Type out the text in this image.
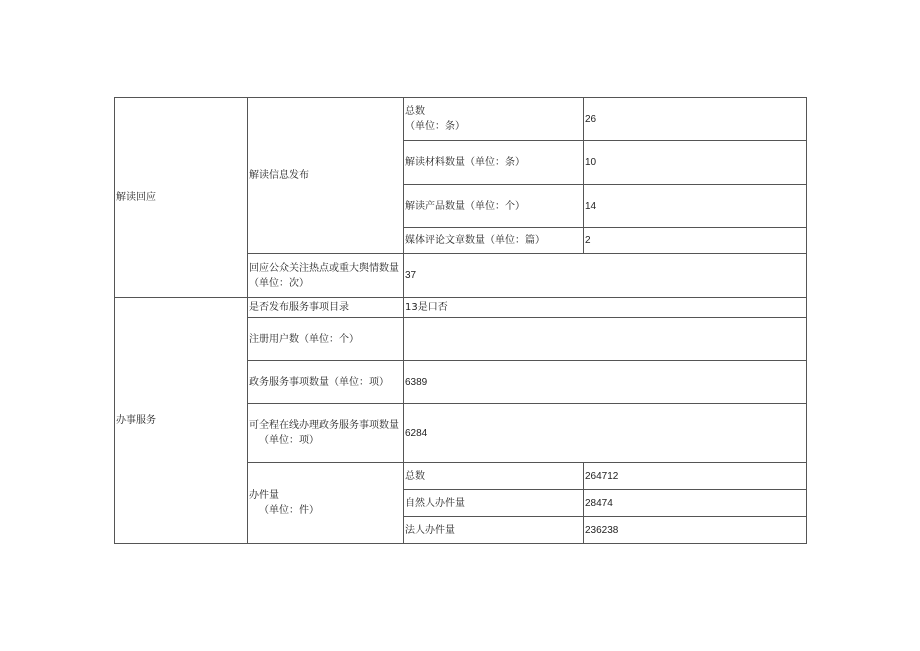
解读回应	解读信息发布	总数
（单位：条）	26
		解读材料数量（单位：条）	10
		解读产品数量（单位：个）	14
		媒体评论文章数量（单位：篇）	2
	回应公众关注热点或重大舆情数量（单位：次）	37	
办事服务	是否发布服务事项目录	13是口否	
	注册用户数（单位：个）		
	政务服务事项数量（单位：项）	6389	

	可全程在线办理政务服务事项数量
（单位：项）	6284	

	办件量
（单位：件）	总数	264712
		自然人办件量	28474
		法人办件量	236238
